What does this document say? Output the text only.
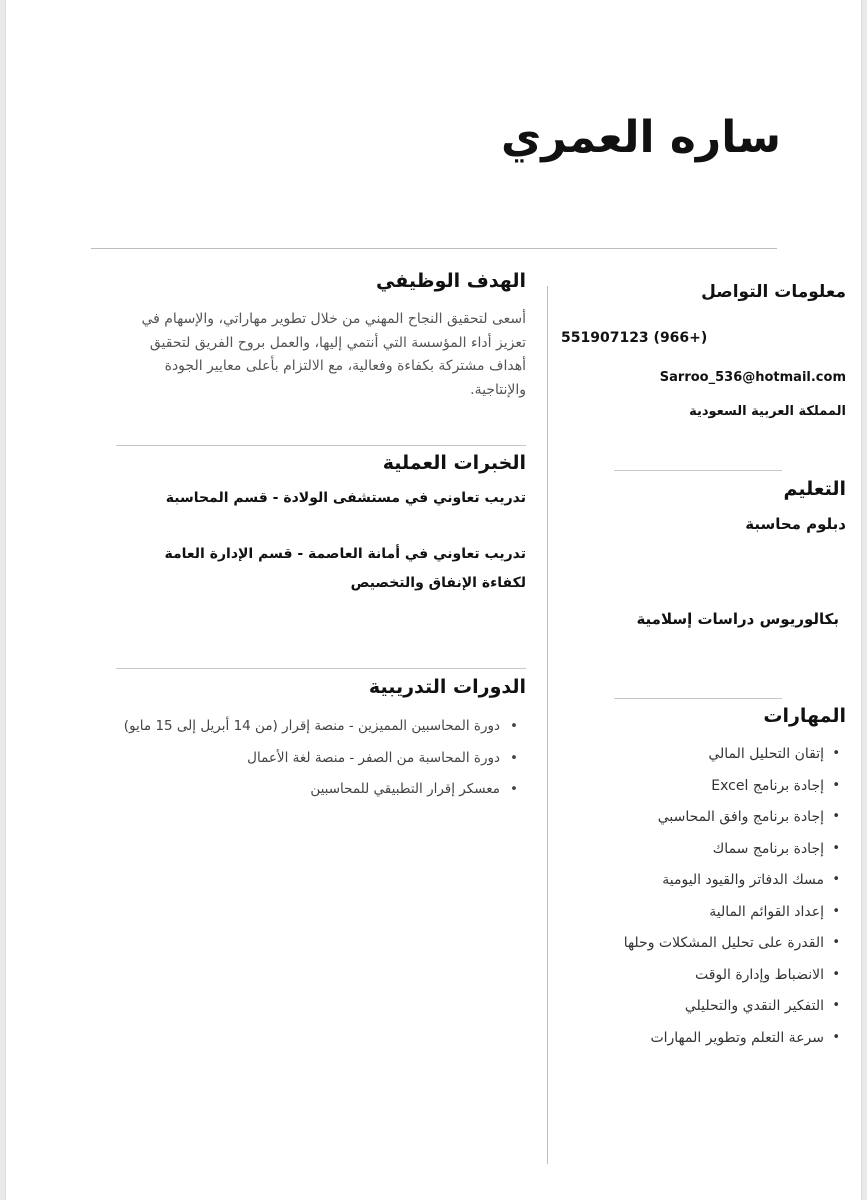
ساره العمري
معلومات التواصل

551907123 (966+)

Sarroo_536@hotmail.com

المملكة العربية السعودية

التعليم

دبلوم محاسبة

بكالوريوس دراسات إسلامية

المهارات
• إتقان التحليل المالي
• إجادة برنامج Excel
• إجادة برنامج وافق المحاسبي
• إجادة برنامج سماك
• مسك الدفاتر والقيود اليومية
• إعداد القوائم المالية
• القدرة على تحليل المشكلات وحلها
• الانضباط وإدارة الوقت
• التفكير النقدي والتحليلي
• سرعة التعلم وتطوير المهارات
الهدف الوظيفي

أسعى لتحقيق النجاح المهني من خلال تطوير مهاراتي، والإسهام في تعزيز أداء المؤسسة التي أنتمي إليها، والعمل بروح الفريق لتحقيق أهداف مشتركة بكفاءة وفعالية، مع الالتزام بأعلى معايير الجودة والإنتاجية.

الخبرات العملية

تدريب تعاوني في مستشفى الولادة - قسم المحاسبة

•

تدريب تعاوني في أمانة العاصمة - قسم الإدارة العامة لكفاءة الإنفاق والتخصيص

•

الدورات التدريبية
• دورة المحاسبين المميزين - منصة إقرار (من 14 أبريل إلى 15 مايو)
• دورة المحاسبة من الصفر - منصة لغة الأعمال
• معسكر إقرار التطبيقي للمحاسبين
